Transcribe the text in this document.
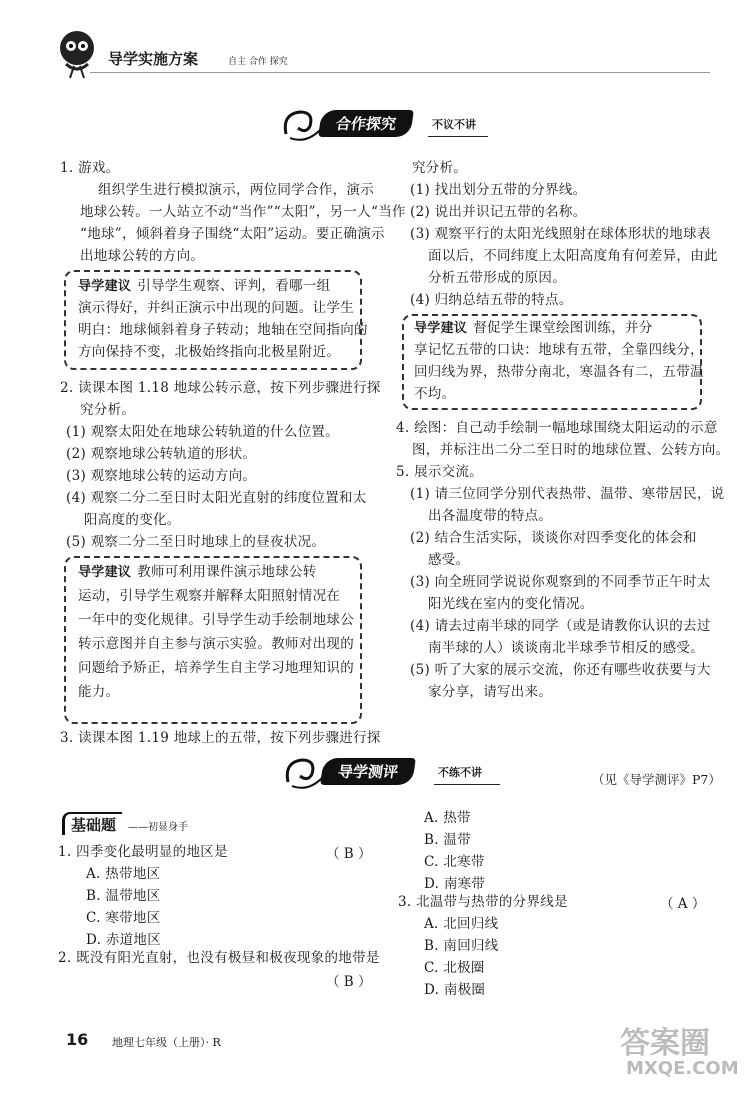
导学实施方案	自主 合作 探究
合作探究	不议不讲
1. 游戏。
组织学生进行模拟演示，两位同学合作，演示
地球公转。一人站立不动“当作”“太阳”，另一人“当作
“地球”，倾斜着身子围绕“太阳”运动。要正确演示
出地球公转的方向。
导学建议 引导学生观察、评判，看哪一组
演示得好，并纠正演示中出现的问题。让学生
明白：地球倾斜着身子转动；地轴在空间指向的
方向保持不变，北极始终指向北极星附近。
2. 读课本图 1.18 地球公转示意，按下列步骤进行探
究分析。
(1) 观察太阳处在地球公转轨道的什么位置。
(2) 观察地球公转轨道的形状。
(3) 观察地球公转的运动方向。
(4) 观察二分二至日时太阳光直射的纬度位置和太
阳高度的变化。
(5) 观察二分二至日时地球上的昼夜状况。
导学建议 教师可利用课件演示地球公转
运动，引导学生观察并解释太阳照射情况在
一年中的变化规律。引导学生动手绘制地球公
转示意图并自主参与演示实验。教师对出现的
问题给予矫正，培养学生自主学习地理知识的
能力。
3. 读课本图 1.19 地球上的五带，按下列步骤进行探
究分析。
(1) 找出划分五带的分界线。
(2) 说出并识记五带的名称。
(3) 观察平行的太阳光线照射在球体形状的地球表
面以后，不同纬度上太阳高度角有何差异，由此
分析五带形成的原因。
(4) 归纳总结五带的特点。
导学建议 督促学生课堂绘图训练，并分
享记忆五带的口诀：地球有五带，全靠四线分，
回归线为界，热带分南北，寒温各有二，五带温
不均。
4. 绘图：自己动手绘制一幅地球围绕太阳运动的示意
图，并标注出二分二至日时的地球位置、公转方向。
5. 展示交流。
(1) 请三位同学分别代表热带、温带、寒带居民，说
出各温度带的特点。
(2) 结合生活实际，谈谈你对四季变化的体会和
感受。
(3) 向全班同学说说你观察到的不同季节正午时太
阳光线在室内的变化情况。
(4) 请去过南半球的同学（或是请教你认识的去过
南半球的人）谈谈南北半球季节相反的感受。
(5) 听了大家的展示交流，你还有哪些收获要与大
家分享，请写出来。
导学测评	不练不讲	（见《导学测评》P7）
基础题	——初显身手
1. 四季变化最明显的地区是	（ B ）
A. 热带地区
B. 温带地区
C. 寒带地区
D. 赤道地区
2. 既没有阳光直射，也没有极昼和极夜现象的地带是
（ B ）
A. 热带
B. 温带
C. 北寒带
D. 南寒带
3. 北温带与热带的分界线是	（ A ）
A. 北回归线
B. 南回归线
C. 北极圈
D. 南极圈
16 地理七年级（上册）· R	答案圈
MXQE.COM
